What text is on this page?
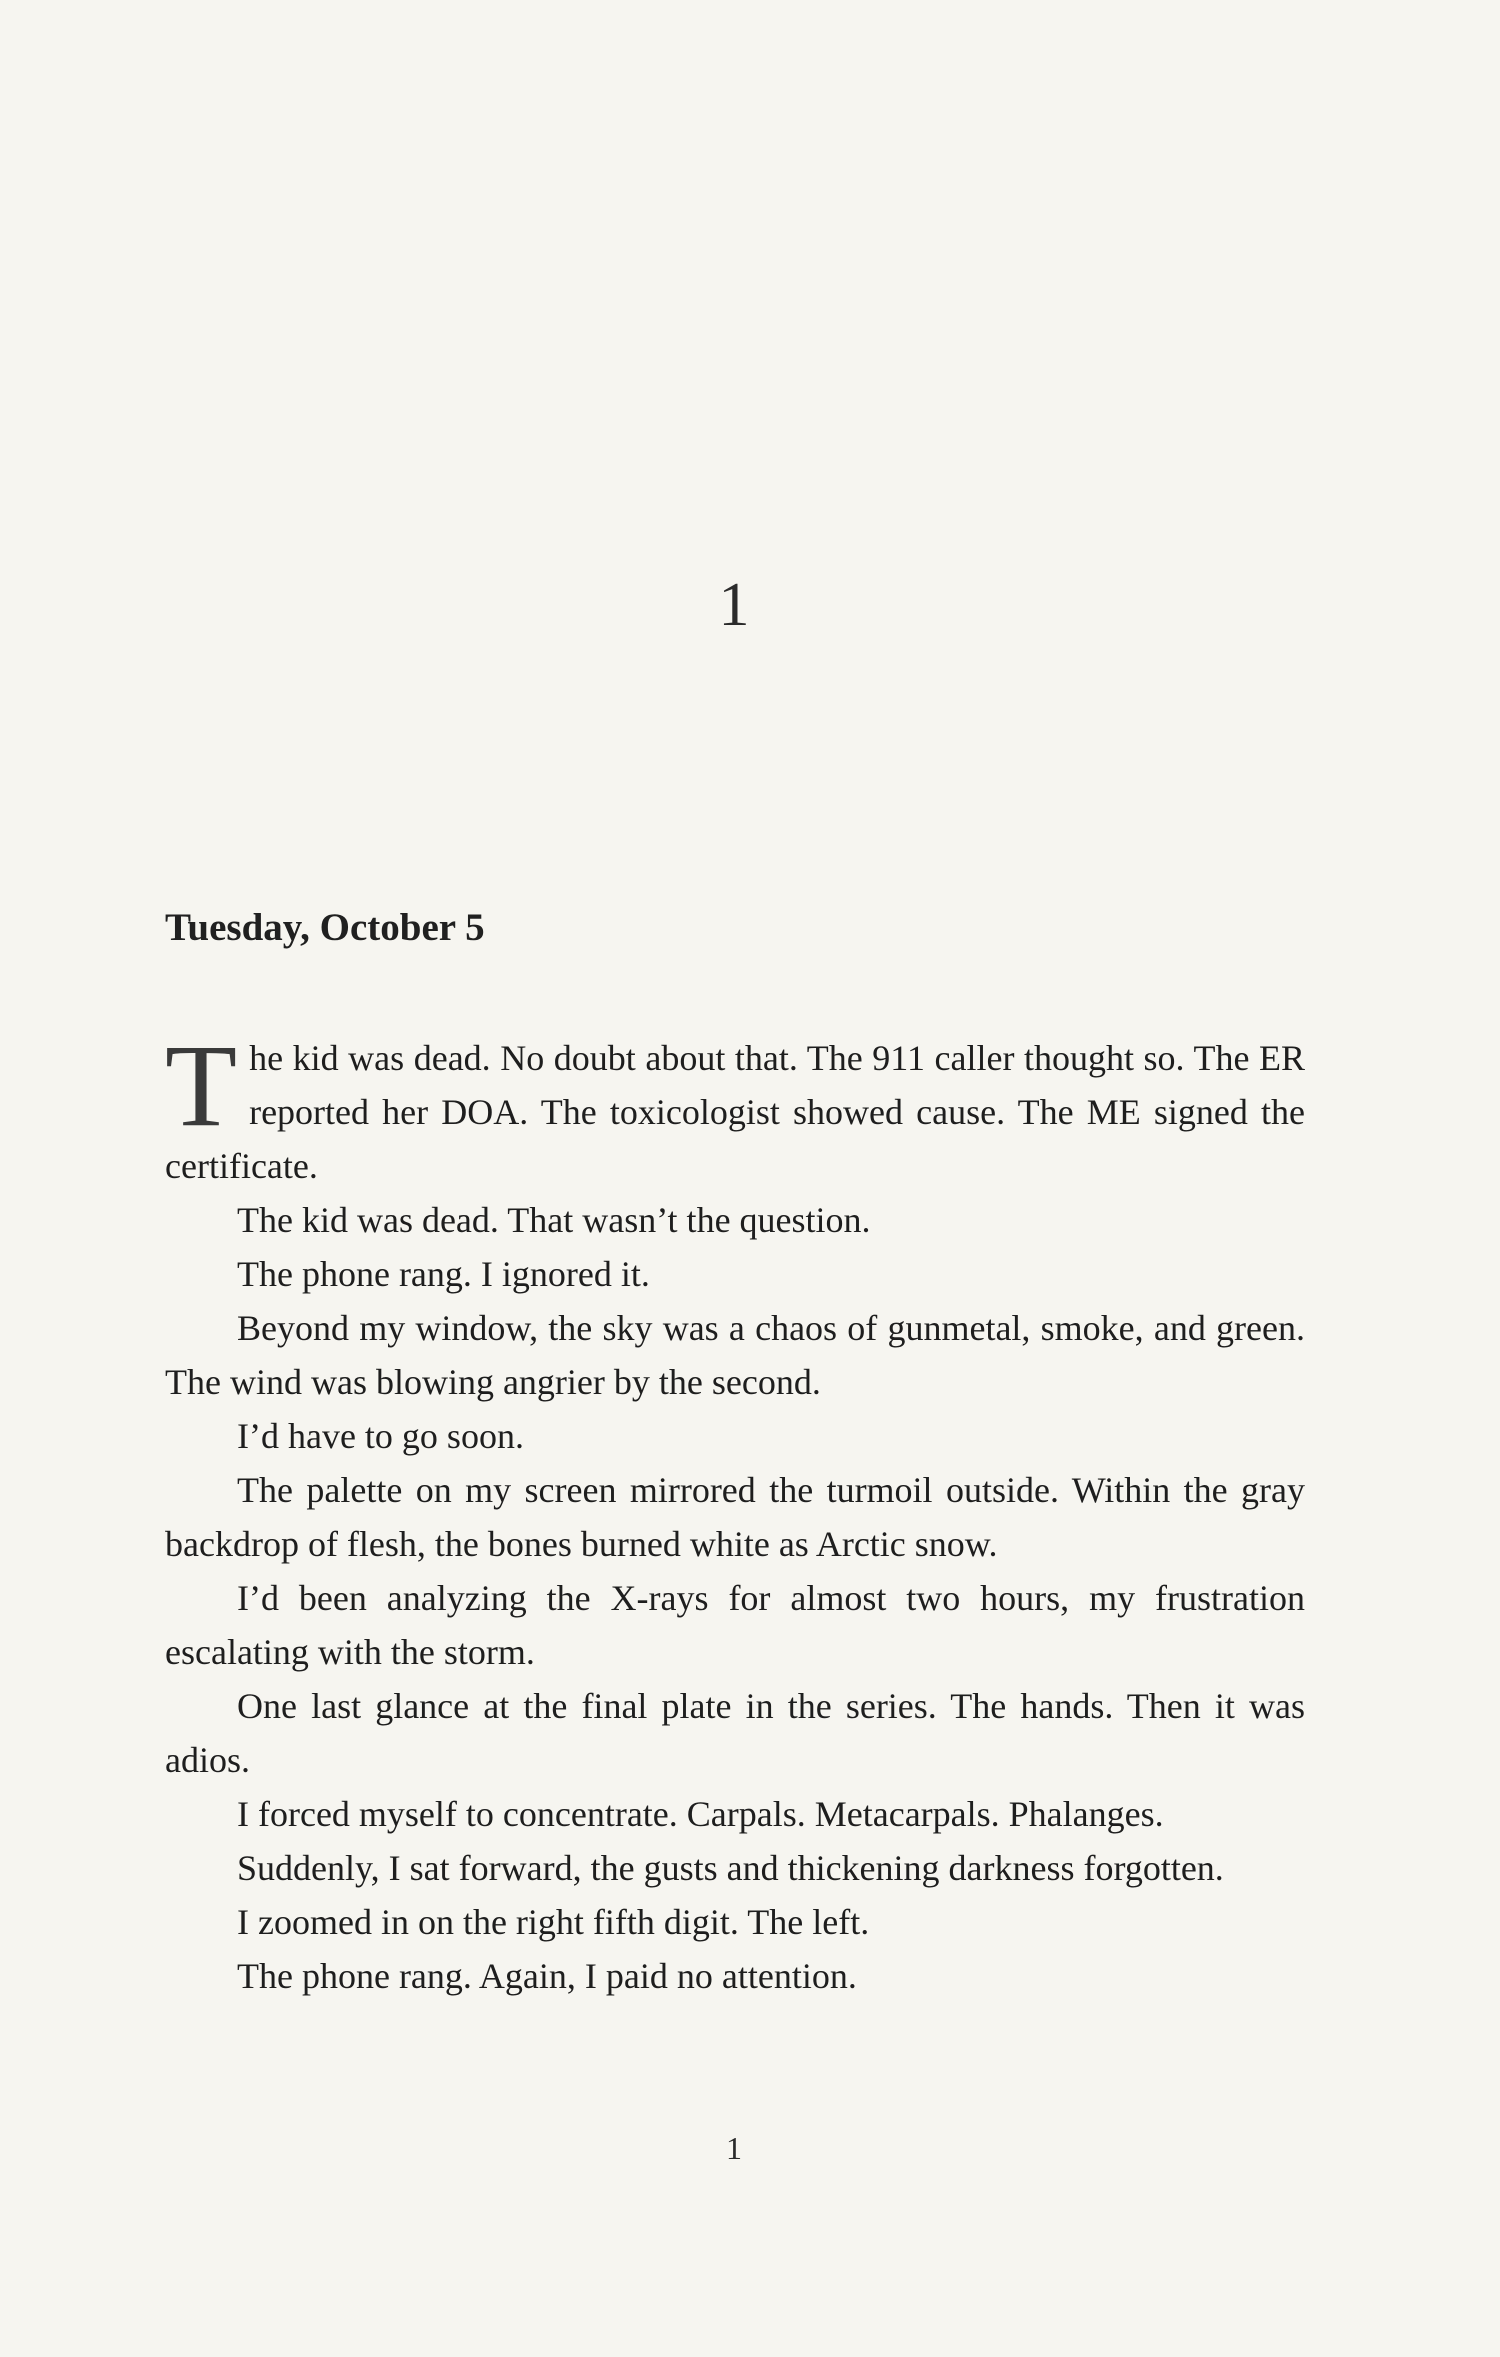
1
Tuesday, October 5

The kid was dead. No doubt about that. The 911 caller thought so. The ER reported her DOA. The toxicologist showed cause. The ME signed the certificate.

The kid was dead. That wasn’t the question.

The phone rang. I ignored it.

Beyond my window, the sky was a chaos of gunmetal, smoke, and green. The wind was blowing angrier by the second.

I’d have to go soon.

The palette on my screen mirrored the turmoil outside. Within the gray backdrop of flesh, the bones burned white as Arctic snow.

I’d been analyzing the X-rays for almost two hours, my frustration escalating with the storm.

One last glance at the final plate in the series. The hands. Then it was adios.

I forced myself to concentrate. Carpals. Metacarpals. Phalanges.

Suddenly, I sat forward, the gusts and thickening darkness forgotten.

I zoomed in on the right fifth digit. The left.

The phone rang. Again, I paid no attention.

1
